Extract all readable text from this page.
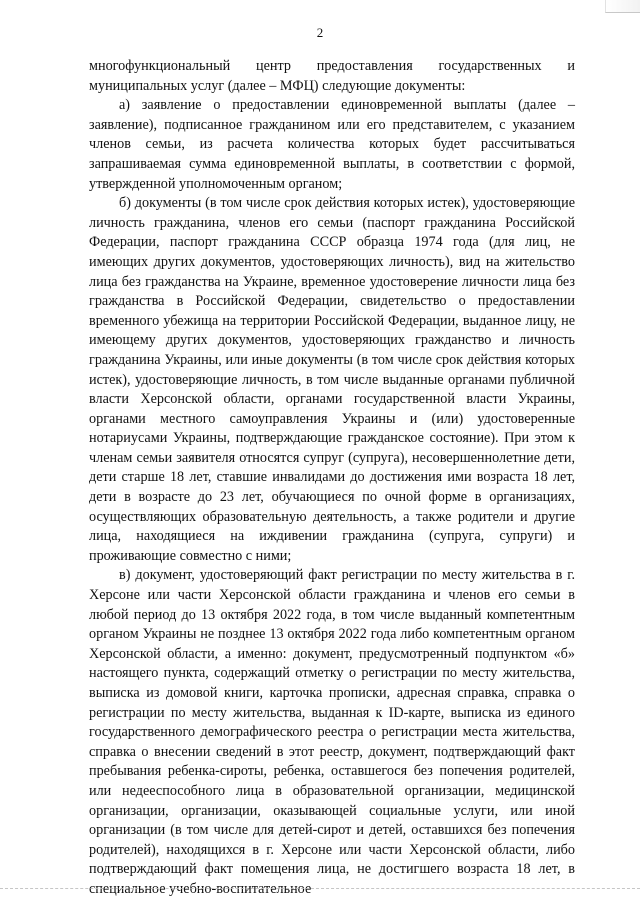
2

многофункциональный центр предоставления государственных и муниципальных услуг (далее – МФЦ) следующие документы:

а) заявление о предоставлении единовременной выплаты (далее – заявление), подписанное гражданином или его представителем, с указанием членов семьи, из расчета количества которых будет рассчитываться запрашиваемая сумма единовременной выплаты, в соответствии с формой, утвержденной уполномоченным органом;

б) документы (в том числе срок действия которых истек), удостоверяющие личность гражданина, членов его семьи (паспорт гражданина Российской Федерации, паспорт гражданина СССР образца 1974 года (для лиц, не имеющих других документов, удостоверяющих личность), вид на жительство лица без гражданства на Украине, временное удостоверение личности лица без гражданства в Российской Федерации, свидетельство о предоставлении временного убежища на территории Российской Федерации, выданное лицу, не имеющему других документов, удостоверяющих гражданство и личность гражданина Украины, или иные документы (в том числе срок действия которых истек), удостоверяющие личность, в том числе выданные органами публичной власти Херсонской области, органами государственной власти Украины, органами местного самоуправления Украины и (или) удостоверенные нотариусами Украины, подтверждающие гражданское состояние). При этом к членам семьи заявителя относятся супруг (супруга), несовершеннолетние дети, дети старше 18 лет, ставшие инвалидами до достижения ими возраста 18 лет, дети в возрасте до 23 лет, обучающиеся по очной форме в организациях, осуществляющих образовательную деятельность, а также родители и другие лица, находящиеся на иждивении гражданина (супруга, супруги) и проживающие совместно с ними;

в) документ, удостоверяющий факт регистрации по месту жительства в г. Херсоне или части Херсонской области гражданина и членов его семьи в любой период до 13 октября 2022 года, в том числе выданный компетентным органом Украины не позднее 13 октября 2022 года либо компетентным органом Херсонской области, а именно: документ, предусмотренный подпунктом «б» настоящего пункта, содержащий отметку о регистрации по месту жительства, выписка из домовой книги, карточка прописки, адресная справка, справка о регистрации по месту жительства, выданная к ID-карте, выписка из единого государственного демографического реестра о регистрации места жительства, справка о внесении сведений в этот реестр, документ, подтверждающий факт пребывания ребенка-сироты, ребенка, оставшегося без попечения родителей, или недееспособного лица в образовательной организации, медицинской организации, организации, оказывающей социальные услуги, или иной организации (в том числе для детей-сирот и детей, оставшихся без попечения родителей), находящихся в г. Херсоне или части Херсонской области, либо подтверждающий факт помещения лица, не достигшего возраста 18 лет, в специальное учебно-воспитательное
